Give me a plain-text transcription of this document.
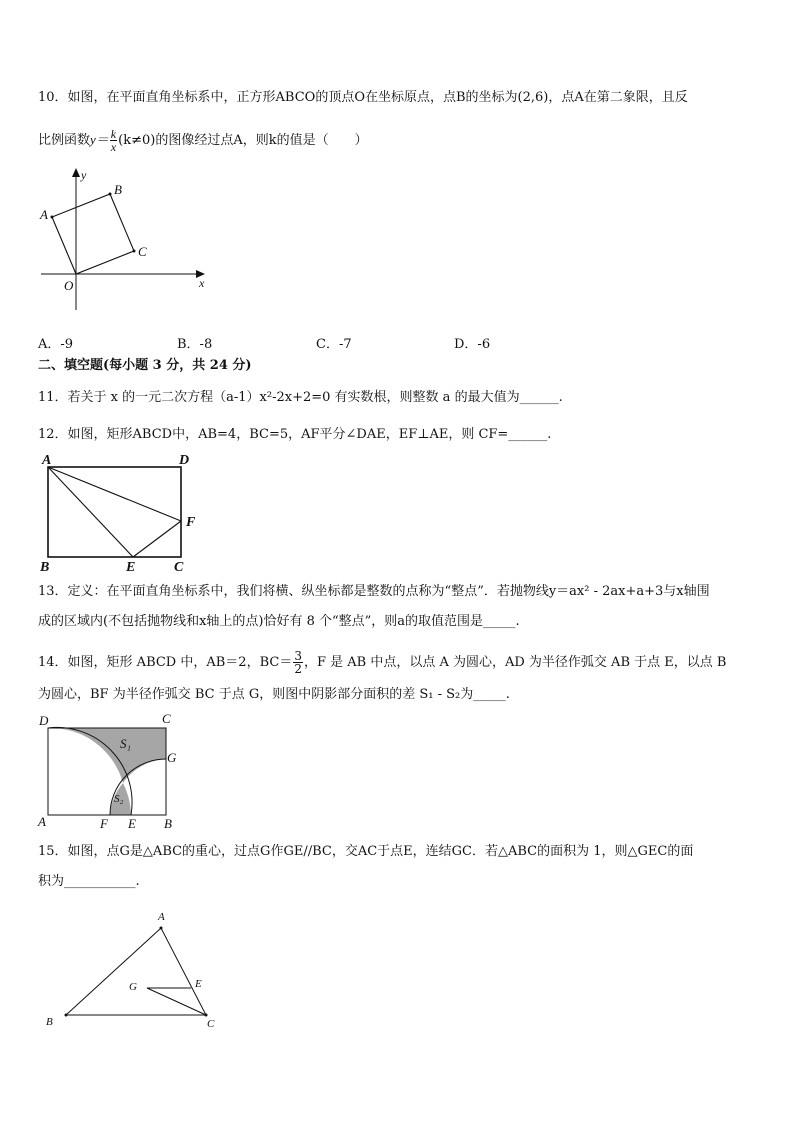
10．如图，在平面直角坐标系中，正方形ABCO的顶点O在坐标原点，点B的坐标为(2,6)，点A在第二象限，且反
比例函数$y= \frac{k}{x} (k\ne 0)$的图像经过点A，则k的值是（　　）
y
x
O
A
B
C
A．-9	B．-8	C．-7	D．-6
二、填空题(每小题 3 分，共 24 分)
11．若关于 x 的一元二次方程（a-1）x²-2x+2=0 有实数根，则整数 a 的最大值为______.
12．如图，矩形ABCD中，AB=4，BC=5，AF平分∠DAE，EF⊥AE，则 CF=______.
A	D
B	C
E
F
13．定义：在平面直角坐标系中，我们将横、纵坐标都是整数的点称为“整点”．若抛物线y＝ax² - 2ax+a+3与x轴围
成的区域内(不包括抛物线和x轴上的点)恰好有 8 个“整点”，则a的取值范围是_____.
14．如图，矩形 ABCD 中，AB＝2，$BC= \frac{3}{2}$ ，F 是 AB 中点，以点 A 为圆心，AD 为半径作弧交 AB 于点 E，以点 B
为圆心，BF 为半径作弧交 BC 于点 G，则图中阴影部分面积的差 S₁ - S₂为_____.
D	C
G
A	F E B
S₁
S₂
15．如图，点G是△ABC的重心，过点G作GE//BC，交AC于点E，连结GC．若△ABC的面积为 1，则△GEC的面
积为___________.
A
B	C
G	E
